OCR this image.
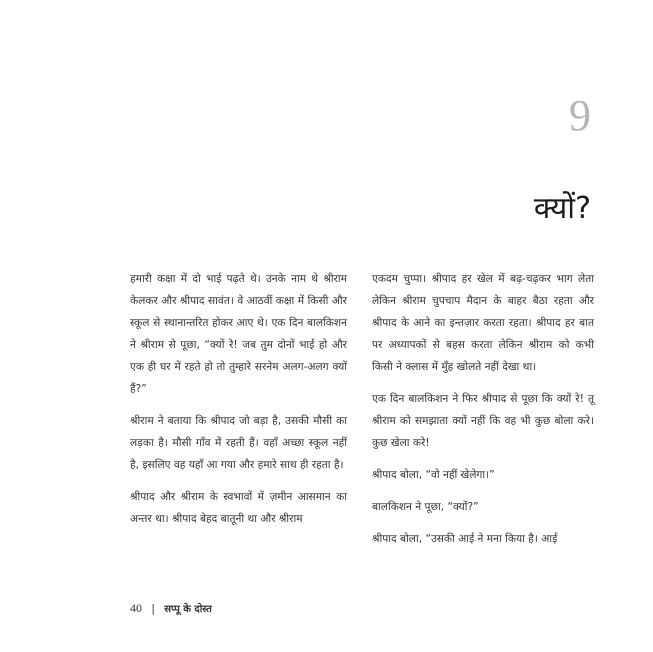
9
क्यों?

हमारी कक्षा में दो भाई पढ़ते थे। उनके नाम थे श्रीराम केलकर और श्रीपाद सावंत। वे आठवीं कक्षा में किसी और स्कूल से स्थानान्तरित होकर आए थे। एक दिन बालकिशन ने श्रीराम से पूछा, “क्यों रे! जब तुम दोनों भाई हो और एक ही घर में रहते हो तो तुम्हारे सरनेम अलग-अलग क्यों हैं?”

श्रीराम ने बताया कि श्रीपाद जो बड़ा है, उसकी मौसी का लड़का है। मौसी गाँव में रहती हैं। वहाँ अच्छा स्कूल नहीं है, इसलिए वह यहाँ आ गया और हमारे साथ ही रहता है।

श्रीपाद और श्रीराम के स्वभावों में ज़मीन आसमान का अन्तर था। श्रीपाद बेहद बातूनी था और श्रीराम

एकदम चुप्पा। श्रीपाद हर खेल में बढ़-चढ़कर भाग लेता लेकिन श्रीराम चुपचाप मैदान के बाहर बैठा रहता और श्रीपाद के आने का इन्तज़ार करता रहता। श्रीपाद हर बात पर अध्यापकों से बहस करता लेकिन श्रीराम को कभी किसी ने क्लास में मुँह खोलते नहीं देखा था।

एक दिन बालकिशन ने फिर श्रीपाद से पूछा कि क्यों रे! तू श्रीराम को समझाता क्यों नहीं कि वह भी कुछ बोला करे। कुछ खेला करे!

श्रीपाद बोला, “वो नहीं खेलेगा।”

बालकिशन ने पूछा, “क्यों?”

श्रीपाद बोला, “उसकी आई ने मना किया है। आई

40 | सप्पू के दोस्त
